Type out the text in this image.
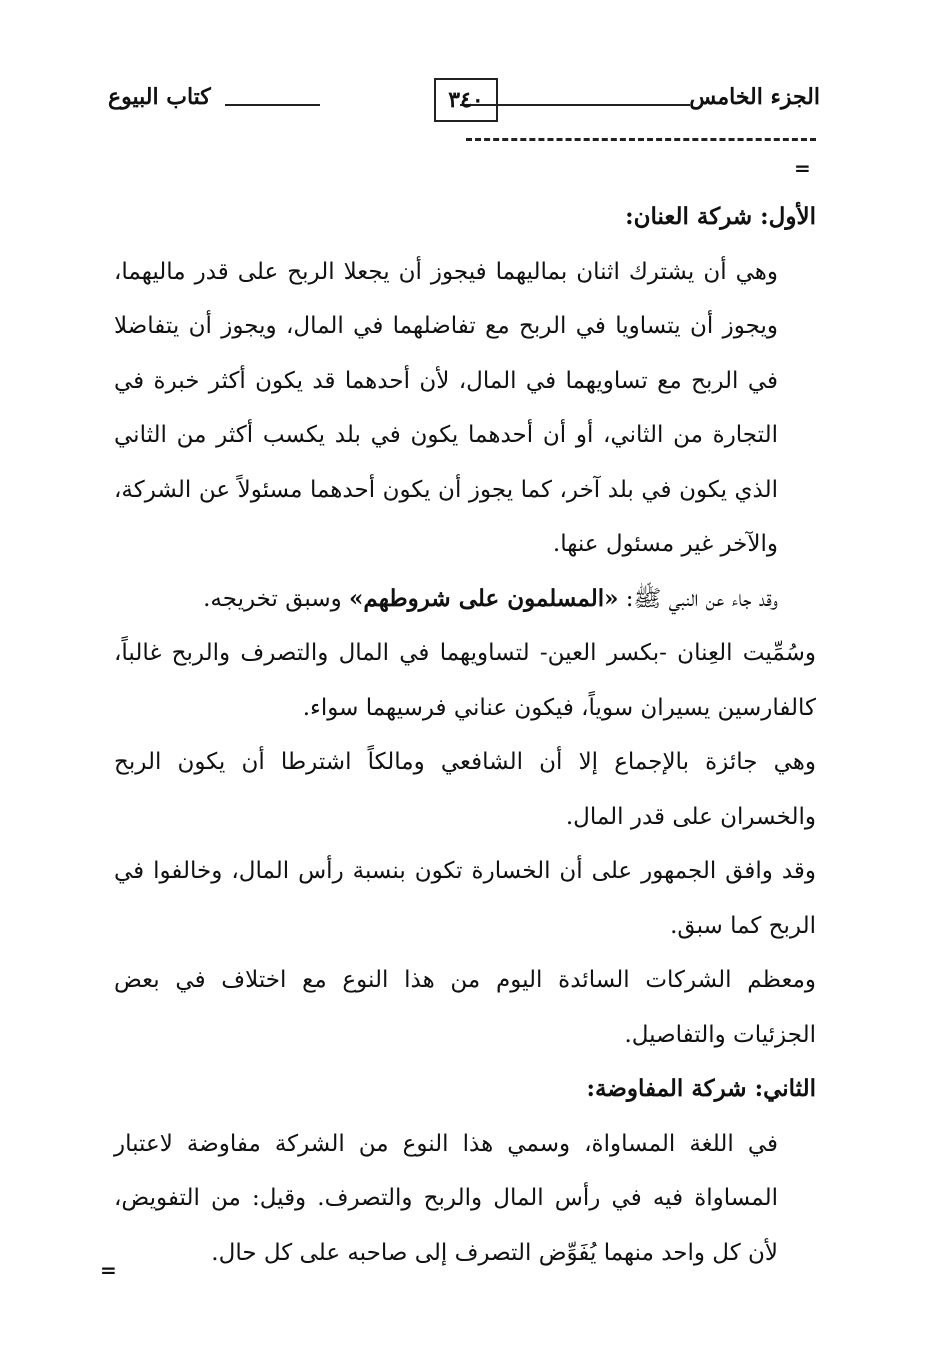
الجزء الخامس
٣٤٠
كتاب البيوع
=

الأول: شركة العنان:

وهي أن يشترك اثنان بماليهما فيجوز أن يجعلا الربح على قدر ماليهما، ويجوز أن يتساويا في الربح مع تفاضلهما في المال، ويجوز أن يتفاضلا في الربح مع تساويهما في المال، لأن أحدهما قد يكون أكثر خبرة في التجارة من الثاني، أو أن أحدهما يكون في بلد يكسب أكثر من الثاني الذي يكون في بلد آخر، كما يجوز أن يكون أحدهما مسئولاً عن الشركة، والآخر غير مسئول عنها.

وقد جاء عن النبي ﷺ: «المسلمون على شروطهم» وسبق تخريجه.

وسُمِّيت العِنان -بكسر العين- لتساويهما في المال والتصرف والربح غالباً، كالفارسين يسيران سوياً، فيكون عناني فرسيهما سواء.

وهي جائزة بالإجماع إلا أن الشافعي ومالكاً اشترطا أن يكون الربح والخسران على قدر المال.

وقد وافق الجمهور على أن الخسارة تكون بنسبة رأس المال، وخالفوا في الربح كما سبق.

ومعظم الشركات السائدة اليوم من هذا النوع مع اختلاف في بعض الجزئيات والتفاصيل.

الثاني: شركة المفاوضة:

في اللغة المساواة، وسمي هذا النوع من الشركة مفاوضة لاعتبار المساواة فيه في رأس المال والربح والتصرف. وقيل: من التفويض، لأن كل واحد منهما يُفَوِّض التصرف إلى صاحبه على كل حال.

=
